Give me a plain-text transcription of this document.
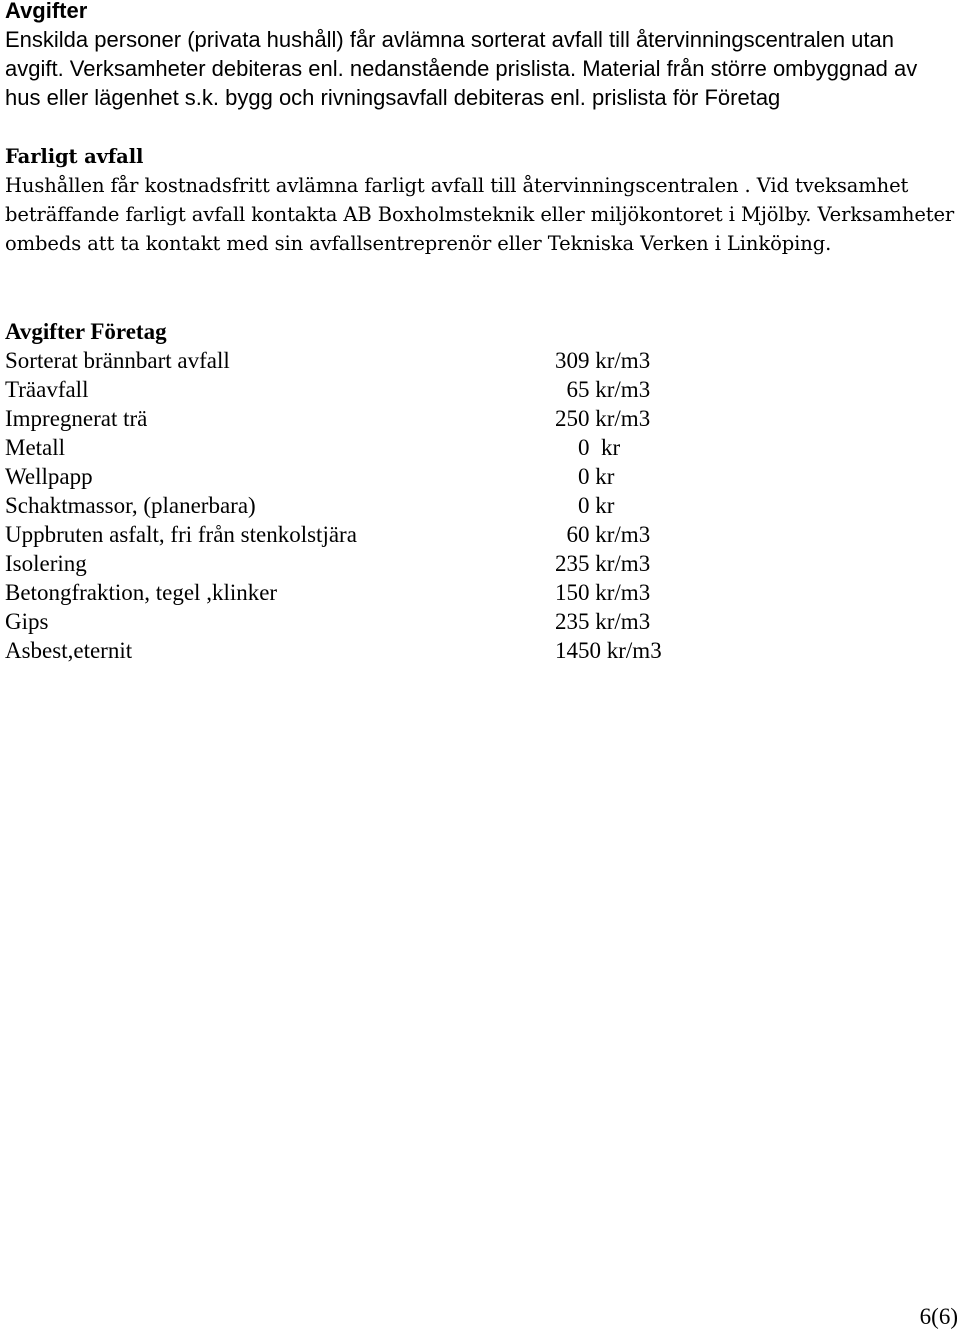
Avgifter
Enskilda personer (privata hushåll) får avlämna sorterat avfall till återvinningscentralen utan avgift. Verksamheter debiteras enl. nedanstående prislista. Material från större ombyggnad av hus eller lägenhet s.k. bygg och rivningsavfall debiteras enl. prislista för Företag
Farligt avfall
Hushållen får kostnadsfritt avlämna farligt avfall till återvinningscentralen . Vid tveksamhet beträffande farligt avfall kontakta AB Boxholmsteknik eller miljökontoret i Mjölby. Verksamheter ombeds att ta kontakt med sin avfallsentreprenör eller Tekniska Verken i Linköping.
Avgifter Företag
Sorterat brännbart avfall	309 kr/m3
Träavfall	65 kr/m3
Impregnerat trä	250 kr/m3
Metall	0  kr
Wellpapp	0 kr
Schaktmassor, (planerbara)	0 kr
Uppbruten asfalt, fri från stenkolstjära	60 kr/m3
Isolering	235 kr/m3
Betongfraktion, tegel ,klinker	150 kr/m3
Gips	235 kr/m3
Asbest,eternit	1450 kr/m3
6(6)
